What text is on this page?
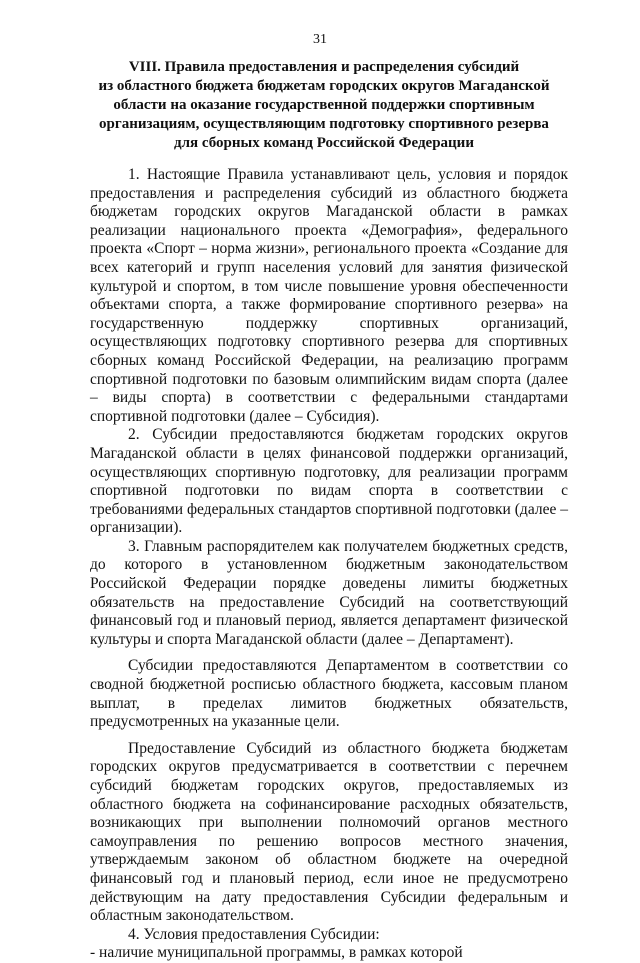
31
VIII. Правила предоставления и распределения субсидий
из областного бюджета бюджетам городских округов Магаданской
области на оказание государственной поддержки спортивным
организациям, осуществляющим подготовку спортивного резерва
для сборных команд Российской Федерации

1. Настоящие Правила устанавливают цель, условия и порядок предоставления и распределения субсидий из областного бюджета бюджетам городских округов Магаданской области в рамках реализации национального проекта «Демография», федерального проекта «Спорт – норма жизни», регионального проекта «Создание для всех категорий и групп населения условий для занятия физической культурой и спортом, в том числе повышение уровня обеспеченности объектами спорта, а также формирование спортивного резерва» на государственную поддержку спортивных организаций, осуществляющих подготовку спортивного резерва для спортивных сборных команд Российской Федерации, на реализацию программ спортивной подготовки по базовым олимпийским видам спорта (далее – виды спорта) в соответствии с федеральными стандартами спортивной подготовки (далее – Субсидия).

2. Субсидии предоставляются бюджетам городских округов Магаданской области в целях финансовой поддержки организаций, осуществляющих спортивную подготовку, для реализации программ спортивной подготовки по видам спорта в соответствии с требованиями федеральных стандартов спортивной подготовки (далее – организации).

3. Главным распорядителем как получателем бюджетных средств, до которого в установленном бюджетным законодательством Российской Федерации порядке доведены лимиты бюджетных обязательств на предоставление Субсидий на соответствующий финансовый год и плановый период, является департамент физической культуры и спорта Магаданской области (далее – Департамент).

Субсидии предоставляются Департаментом в соответствии со сводной бюджетной росписью областного бюджета, кассовым планом выплат, в пределах лимитов бюджетных обязательств, предусмотренных на указанные цели.

Предоставление Субсидий из областного бюджета бюджетам городских округов предусматривается в соответствии с перечнем субсидий бюджетам городских округов, предоставляемых из областного бюджета на софинансирование расходных обязательств, возникающих при выполнении полномочий органов местного самоуправления по решению вопросов местного значения, утверждаемым законом об областном бюджете на очередной финансовый год и плановый период, если иное не предусмотрено действующим на дату предоставления Субсидии федеральным и областным законодательством.

4. Условия предоставления Субсидии:

- наличие муниципальной программы, в рамках которой
